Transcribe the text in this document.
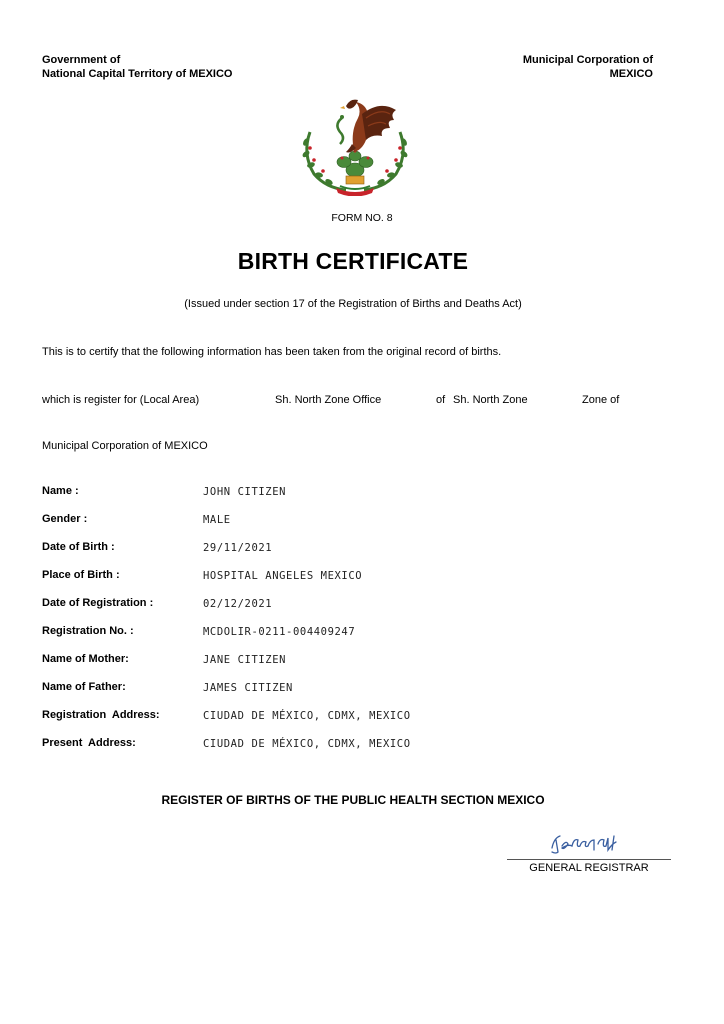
Government of
National Capital Territory of MEXICO
Municipal Corporation of
MEXICO
FORM NO. 8
BIRTH CERTIFICATE
(Issued under section 17 of the Registration of Births and Deaths Act)
This is to certify that the following information has been taken from the original record of births.
which is register for (Local Area)	Sh. North Zone Office	of Sh. North Zone	Zone of
Municipal Corporation of MEXICO
Name :	JOHN CITIZEN
Gender :	MALE
Date of Birth :	29/11/2021
Place of Birth :	HOSPITAL ANGELES MEXICO
Date of Registration :	02/12/2021
Registration No. :	MCDOLIR-0211-004409247
Name of Mother:	JANE CITIZEN
Name of Father:	JAMES CITIZEN
Registration  Address:	CIUDAD DE MÉXICO, CDMX, MEXICO
Present  Address:	CIUDAD DE MÉXICO, CDMX, MEXICO
REGISTER OF BIRTHS OF THE PUBLIC HEALTH SECTION MEXICO
GENERAL REGISTRAR
